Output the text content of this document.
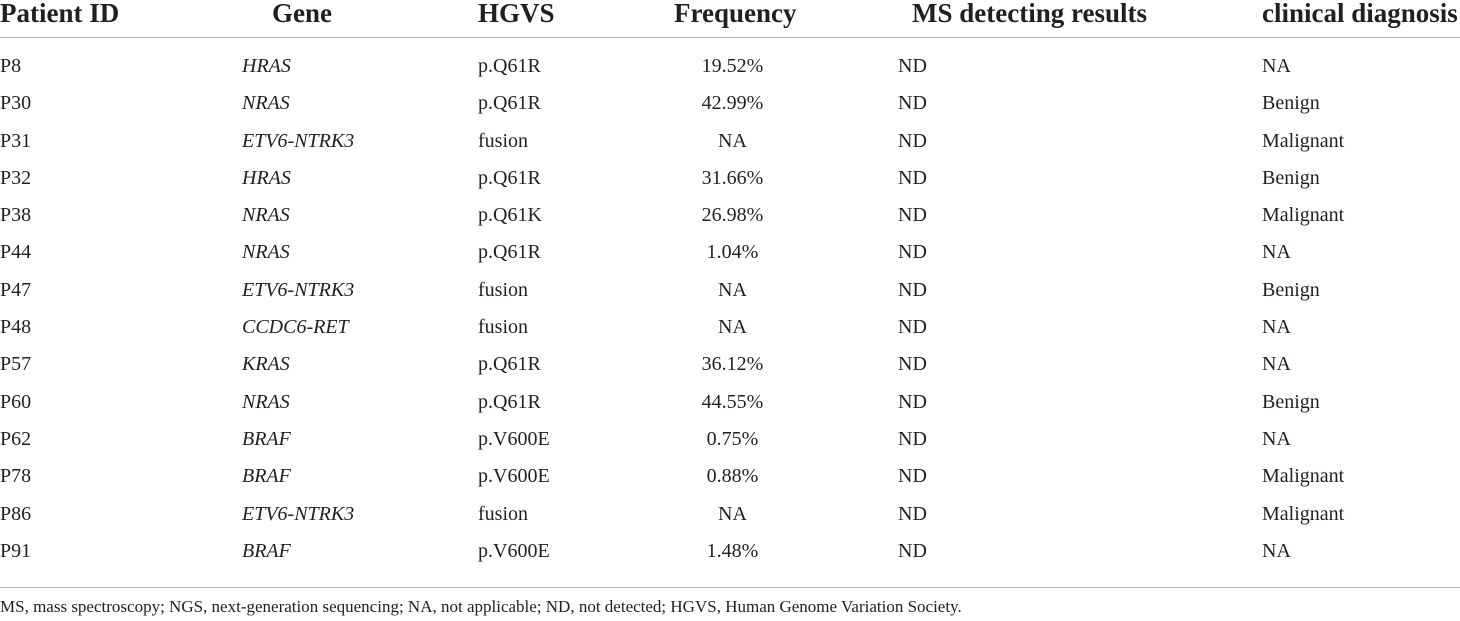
Patient ID	Gene	HGVS	Frequency	MS detecting results	clinical diagnosis
P8	HRAS	p.Q61R	19.52%	ND	NA
P30	NRAS	p.Q61R	42.99%	ND	Benign
P31	ETV6-NTRK3	fusion	NA	ND	Malignant
P32	HRAS	p.Q61R	31.66%	ND	Benign
P38	NRAS	p.Q61K	26.98%	ND	Malignant
P44	NRAS	p.Q61R	1.04%	ND	NA
P47	ETV6-NTRK3	fusion	NA	ND	Benign
P48	CCDC6-RET	fusion	NA	ND	NA
P57	KRAS	p.Q61R	36.12%	ND	NA
P60	NRAS	p.Q61R	44.55%	ND	Benign
P62	BRAF	p.V600E	0.75%	ND	NA
P78	BRAF	p.V600E	0.88%	ND	Malignant
P86	ETV6-NTRK3	fusion	NA	ND	Malignant
P91	BRAF	p.V600E	1.48%	ND	NA
MS, mass spectroscopy; NGS, next-generation sequencing; NA, not applicable; ND, not detected; HGVS, Human Genome Variation Society.
